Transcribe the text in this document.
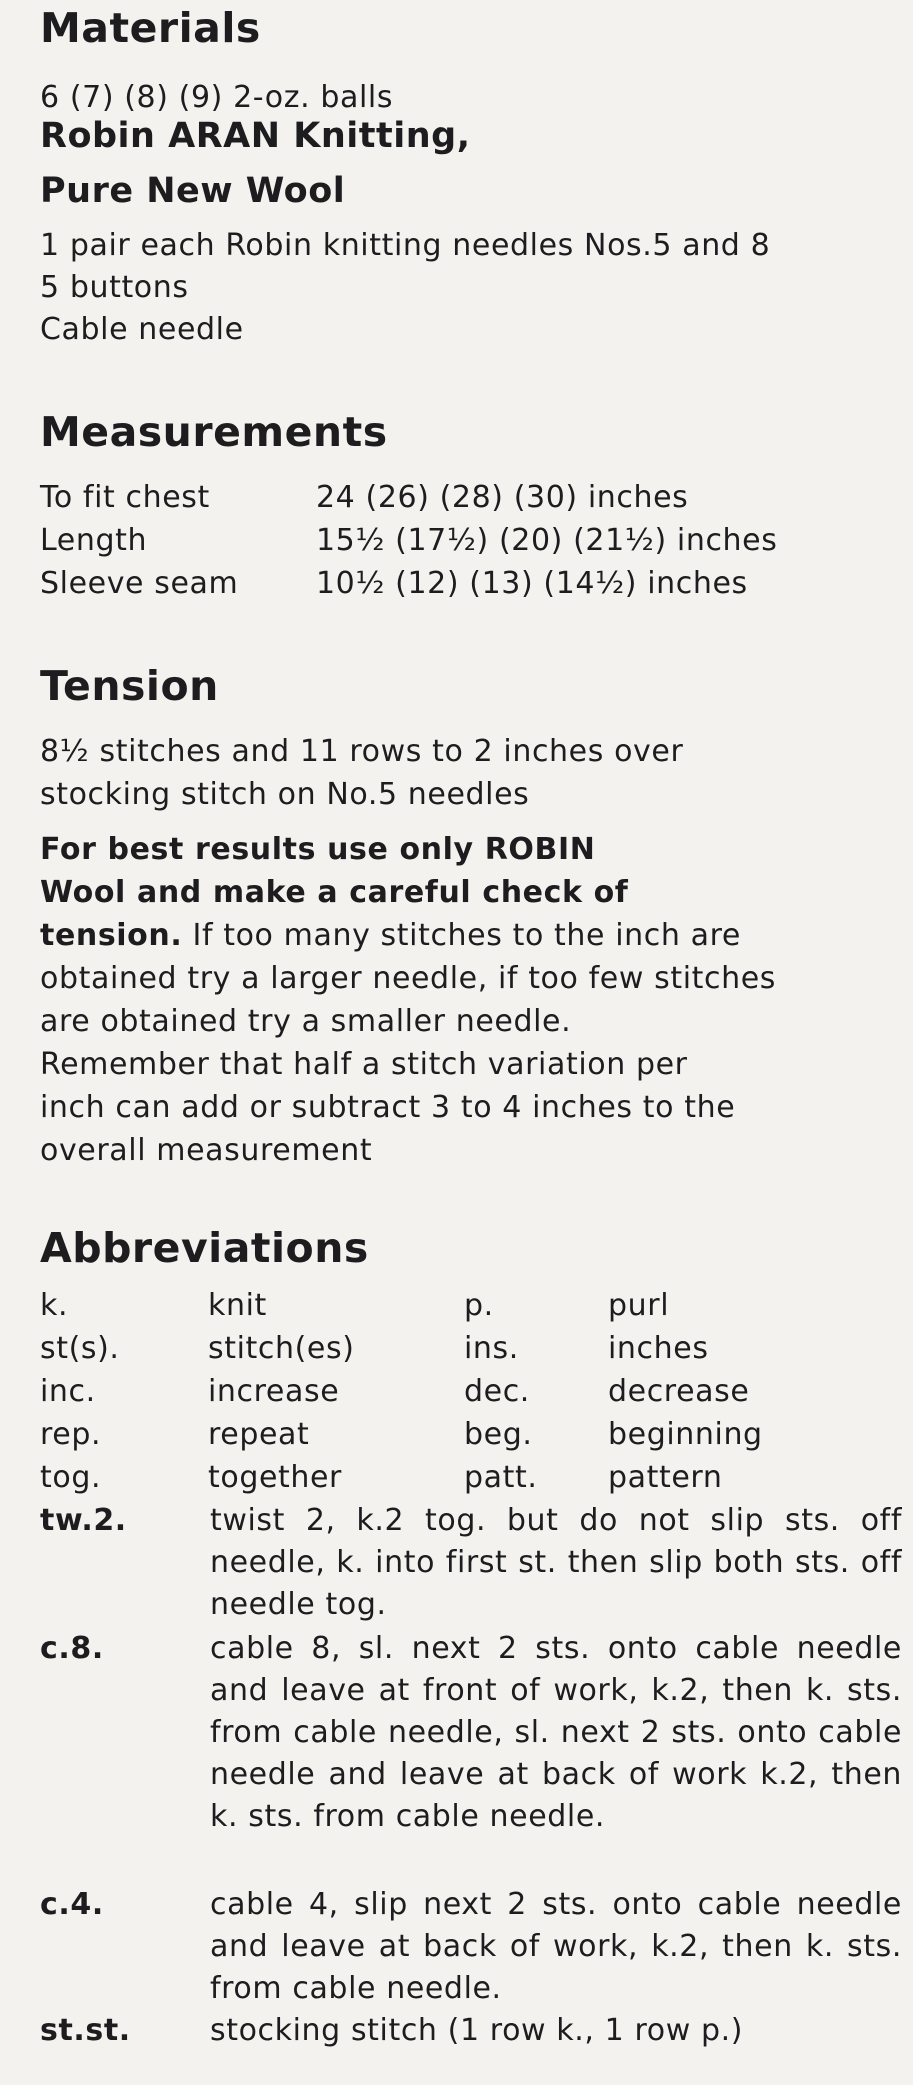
Materials
6 (7) (8) (9) 2-oz. balls
Robin ARAN Knitting,
Pure New Wool
1 pair each Robin knitting needles Nos.5 and 8
5 buttons
Cable needle
Measurements
To fit chest	24 (26) (28) (30) inches
Length	15½ (17½) (20) (21½) inches
Sleeve seam	10½ (12) (13) (14½) inches
Tension
8½ stitches and 11 rows to 2 inches over
stocking stitch on No.5 needles
For best results use only ROBIN
Wool and make a careful check of
tension. If too many stitches to the inch are
obtained try a larger needle, if too few stitches
are obtained try a smaller needle.
Remember that half a stitch variation per
inch can add or subtract 3 to 4 inches to the
overall measurement
Abbreviations
k.	knit	p.	purl
st(s).	stitch(es)	ins.	inches
inc.	increase	dec.	decrease
rep.	repeat	beg.	beginning
tog.	together	patt. pattern
tw.2.	twist 2, k.2 tog. but do not slip sts. off needle, k. into first st. then slip both sts. off needle tog.
c.8.	cable 8, sl. next 2 sts. onto cable needle and leave at front of work, k.2, then k. sts. from cable needle, sl. next 2 sts. onto cable needle and leave at back of work k.2, then k. sts. from cable needle.
c.4.	cable 4, slip next 2 sts. onto cable needle and leave at back of work, k.2, then k. sts. from cable needle.
st.st.	stocking stitch (1 row k., 1 row p.)
